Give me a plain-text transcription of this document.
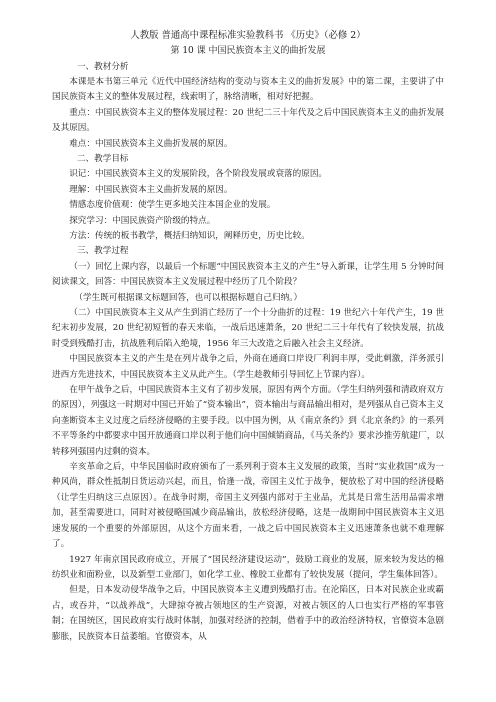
人教版 普通高中课程标准实验教科书 《历史》（必修 2）
第 10 课 中国民族资本主义的曲折发展
一、教材分析
本课是本书第三单元《近代中国经济结构的变动与资本主义的曲折发展》中的第二课，主要讲了中国民族资本主义的整体发展过程，线索明了，脉络清晰，相对好把握。
重点：中国民族资本主义的整体发展过程：20 世纪二三十年代及之后中国民族资本主义的曲折发展及其原因。
难点：中国民族资本主义曲折发展的原因。
二、教学目标
识记：中国民族资本主义的发展阶段，各个阶段发展或衰落的原因。
理解：中国民族资本主义曲折发展的原因。
情感态度价值观：使学生更多地关注本国企业的发展。
探究学习：中国民族资产阶级的特点。
方法：传统的板书教学，概括归纳知识，阐释历史，历史比较。
三、教学过程
（一）回忆上课内容，以最后一个标题“中国民族资本主义的产生”导入新课，让学生用 5 分钟时间阅读课文，回答：中国民族资本主义发展过程中经历了几个阶段？
（学生既可根据课文标题回答，也可以根据标题自己归纳。）
（二）中国民族资本主义从产生到消亡经历了一个十分曲折的过程：19 世纪六十年代产生，19 世纪末初步发展，20 世纪初短暂的春天来临，一战后迅速萧条，20 世纪二三十年代有了较快发展，抗战时受到残酷打击，抗战胜利后陷入绝境，1956 年三大改造之后融入社会主义经济。
中国民族资本主义的产生是在列片战争之后，外商在通商口岸设厂利润丰厚，受此刺激，洋务派引进西方先进技术，中国民族资本主义从此产生。（学生趁教师引导回忆上节课内容）。
在甲午战争之后，中国民族资本主义有了初步发展，原因有两个方面。（学生归纳列强和清政府双方的原因），列强这一时期对中国已开始了“资本输出”，资本输出与商品输出相对，是列强从自己资本主义向垄断资本主义过度之后经济侵略的主要手段。以中国为例，从《南京条约》到《北京条约》的一系列不平等条约中都要求中国开放通商口岸以利于他们向中国倾销商品，《马关条约》要求沙推劳航建厂，以转移列强国内过剩的资本。
辛亥革命之后，中华民国临时政府颁布了一系列利于资本主义发展的政策，当时“实业救国”成为一种风尚，群众性抵制日货运动兴起，而且，恰逢一战，帝国主义忙于战争，便放松了对中国的经济侵略（让学生归纳这三点原因）。在战争时期，帝国主义列强内部对于主业品，尤其是日常生活用品需求增加，甚至需要进口，同时对被侵略国减少商品输出，放松经济侵略，这是一战期间中国民族资本主义迅速发展的一个重要的外部原因，从这个方面来看，一战之后中国民族资本主义迅速萧条也就不难理解了。
1927 年南京国民政府成立，开展了“国民经济建设运动”，鼓励工商业的发展，原来较为发达的棉纺织业和面粉业，以及新型工业部门，如化学工业、橡胶工业都有了较快发展（提问，学生集体回答）。
但是，日本发动侵华战争之后，中国民族资本主义遭到残酷打击。在沦陷区，日本对民族企业或霸占，或吞并，“以战养战”，大肆掠夺被占领地区的生产资源，对被占领区的人口也实行严格的军事管制；在国统区，国民政府实行战时体制，加强对经济的控制，借着手中的政治经济特权，官僚资本急剧膨胀，民族资本日益萎缩。官僚资本，从
